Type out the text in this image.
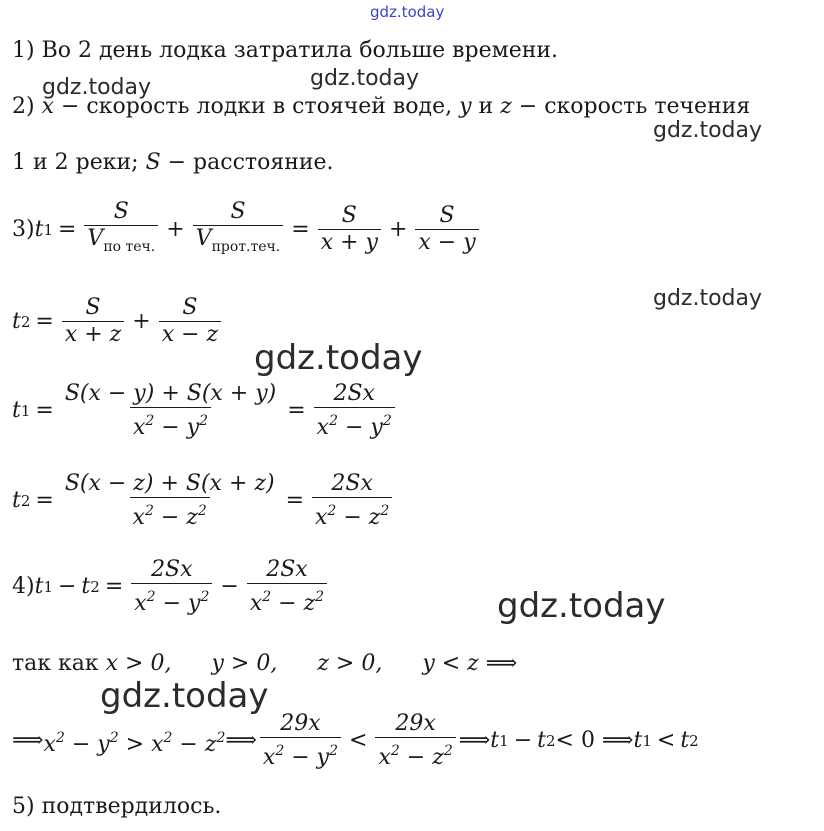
gdz.today
gdz.today	gdz.today
gdz.today
gdz.today
gdz.today
gdz.today
gdz.today
1) Во 2 день лодка затратила больше времени.
2) x − скорость лодки в стоячей воде, y и z − скорость течения
1 и 2 реки; S − расстояние.
3) t $1 = \frac{S}{V_{по теч.}} + \frac{S}{V_{прот.теч.}} = \frac{S}{x + y} + \frac{S}{x - y}$
t $2 = \frac{S}{x + z} + \frac{S}{x - z}$
t $1 = \frac{S(x - y) + S(x + y)}{x^2 - y^2} = \frac{2Sx}{x^2 - y^2}$
t $2 = \frac{S(x - z) + S(x + z)}{x^2 - z^2} = \frac{2Sx}{x^2 - z^2}$
4) t 1 − t $2 = \frac{2Sx}{x^2 - y^2} - \frac{2Sx}{x^2 - z^2}$
так как x > 0, y > 0, z > 0, y < z ⟹
⟹ $x^2 - y^2 > x^2 - z^2$ ⟹ $\frac{29x}{x^2 - y^2} < \frac{29x}{x^2 - z^2}$ ⟹ t 1 − t 2 < 0 ⟹ t 1 < t 2
5) подтвердилось.
